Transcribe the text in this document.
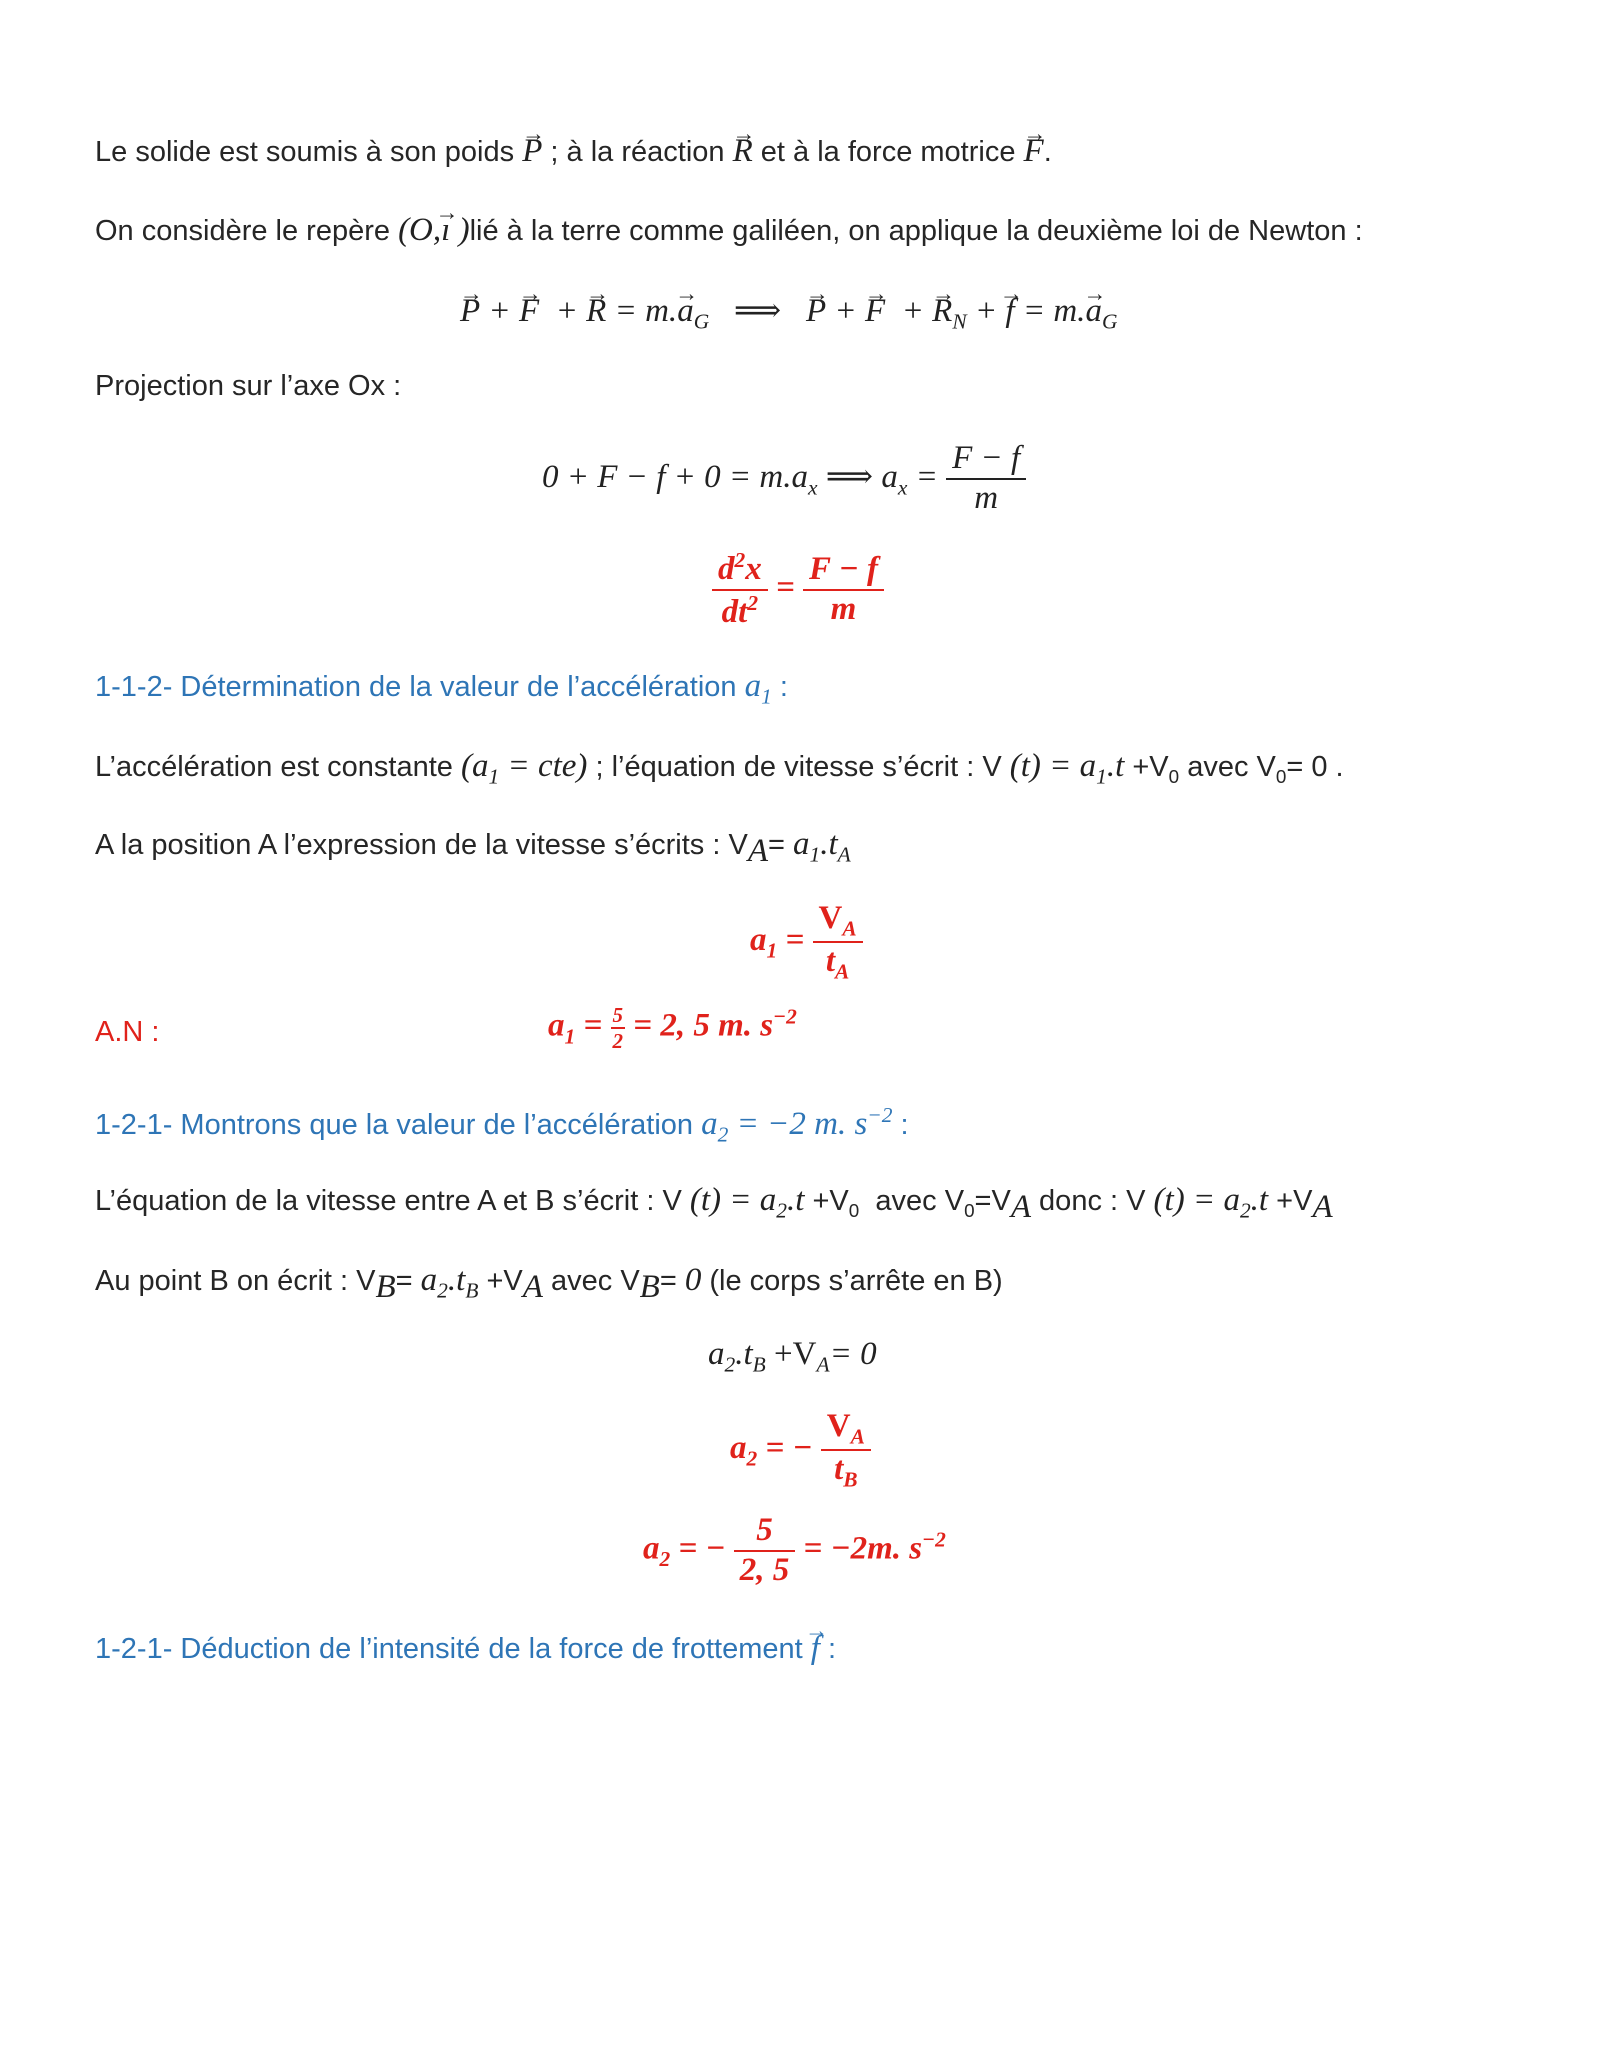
Le solide est soumis à son poids → P ; à la réaction → R et à la force motrice → F.
On considère le repère (O,→ ı )lié à la terre comme galiléen, on applique la deuxième loi de Newton :
→ P + → F  + → $R = m.\to a_G$ ⟹   → P + → F  + → $R_N$ + → $f = m.\to a_G$
Projection sur l’axe Ox :
$0 + F - f + 0 = m.a_x$ ⟹ $a_x = \frac{F - f}{m}$
$\frac{d^2x}{dt^2} = \frac{F - f}{m}$
1-1-2- Détermination de la valeur de l’accélération $a_1$ :
L’accélération est constante $(a_1 = cte)$ ; l’équation de vitesse s’écrit : V $(t) = a_1.t +V_0$ avec $V_0= 0$ .
A la position A l’expression de la vitesse s’écrits : $V_A= a_1.t_A$
$a_1 = \frac{V_A}{t_A}$
A.N :	$a_1 = \frac{5}{2} = 2$, 5 m. $s^{-2}$
1-2-1- Montrons que la valeur de l’accélération $a_2 = -2$ m. $s^{-2}$ :
L’équation de la vitesse entre A et B s’écrit : V $(t) = a_2.t +V_0$ avec $V_0=V_A$ donc : V $(t) = a_2.t +V_A$
Au point B on écrit : $V_B= a_2.t_B +V_A$ avec $V_B= 0$ (le corps s’arrête en B)
$a_2.t_B +V_A= 0$
$a_2$ = − $\frac{V_A}{t_B}$
$a_2$ = − $\frac{5}{2, 5} = -2m$. $s^{-2}$
1-2-1- Déduction de l’intensité de la force de frottement → f :
